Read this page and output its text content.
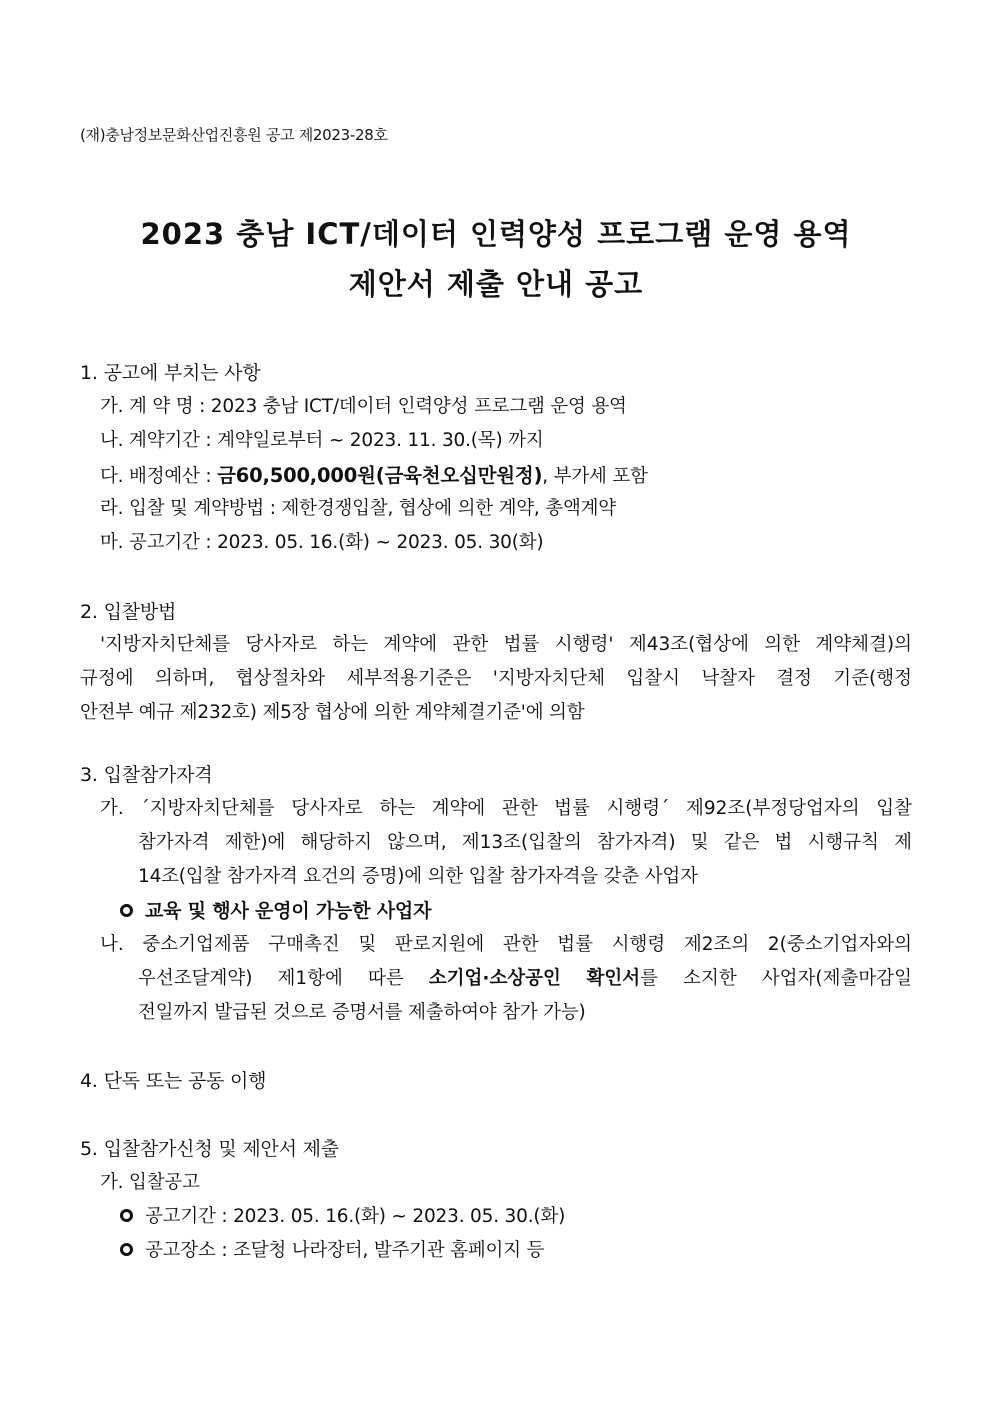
(재)충남정보문화산업진흥원 공고 제2023-28호
2023 충남 ICT/데이터 인력양성 프로그램 운영 용역
제안서 제출 안내 공고
1. 공고에 부치는 사항
가. 계 약 명 : 2023 충남 ICT/데이터 인력양성 프로그램 운영 용역
나. 계약기간 : 계약일로부터 ~ 2023. 11. 30.(목) 까지
다. 배정예산 : 금60,500,000원(금육천오십만원정), 부가세 포함
라. 입찰 및 계약방법 : 제한경쟁입찰, 협상에 의한 계약, 총액계약
마. 공고기간 : 2023. 05. 16.(화) ~ 2023. 05. 30(화)
2. 입찰방법
'지방자치단체를 당사자로 하는 계약에 관한 법률 시행령' 제43조(협상에 의한 계약체결)의
규정에 의하며, 협상절차와 세부적용기준은 '지방자치단체 입찰시 낙찰자 결정 기준(행정
안전부 예규 제232호) 제5장 협상에 의한 계약체결기준'에 의함
3. 입찰참가자격
가. ´지방자치단체를 당사자로 하는 계약에 관한 법률 시행령´ 제92조(부정당업자의 입찰
참가자격 제한)에 해당하지 않으며, 제13조(입찰의 참가자격) 및 같은 법 시행규칙 제
14조(입찰 참가자격 요건의 증명)에 의한 입찰 참가자격을 갖춘 사업자
교육 및 행사 운영이 가능한 사업자
나. 중소기업제품 구매촉진 및 판로지원에 관한 법률 시행령 제2조의 2(중소기업자와의
우선조달계약) 제1항에 따른 소기업·소상공인 확인서를 소지한 사업자(제출마감일
전일까지 발급된 것으로 증명서를 제출하여야 참가 가능)
4. 단독 또는 공동 이행
5. 입찰참가신청 및 제안서 제출
가. 입찰공고
공고기간 : 2023. 05. 16.(화) ~ 2023. 05. 30.(화)
공고장소 : 조달청 나라장터, 발주기관 홈페이지 등
